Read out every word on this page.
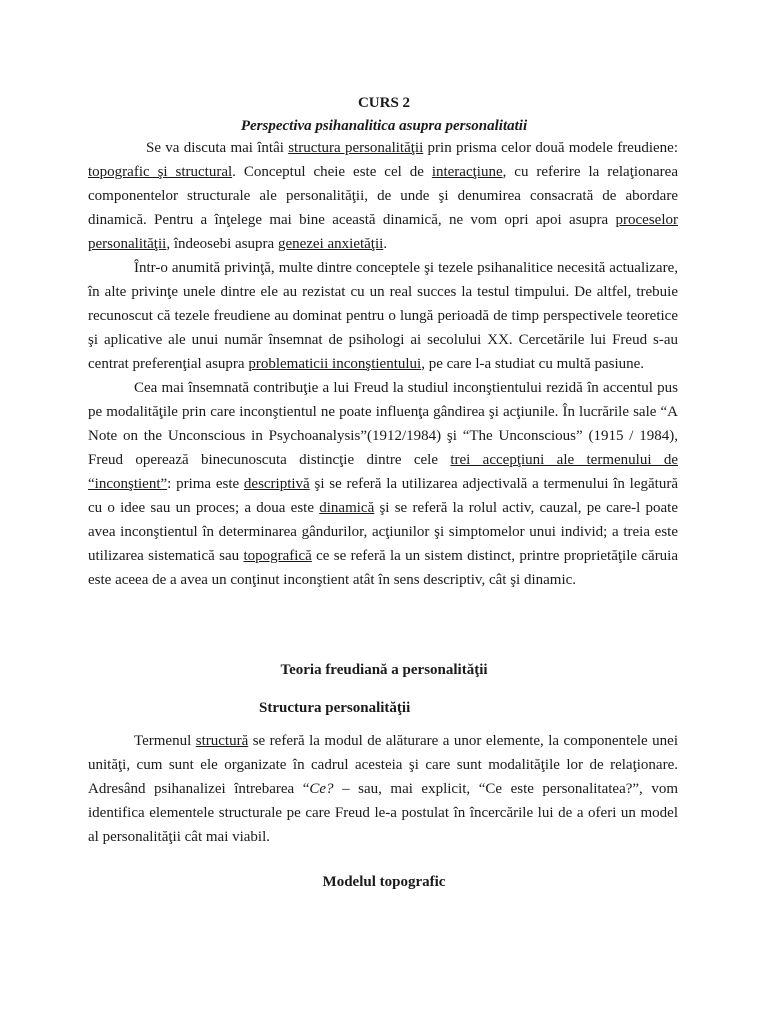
CURS 2
Perspectiva psihanalitica asupra personalitatii

Se va discuta mai întâi structura personalităţii prin prisma celor două modele freudiene: topografic şi structural. Conceptul cheie este cel de interacţiune, cu referire la relaţionarea componentelor structurale ale personalităţii, de unde şi denumirea consacrată de abordare dinamică. Pentru a înţelege mai bine această dinamică, ne vom opri apoi asupra proceselor personalităţii, îndeosebi asupra genezei anxietăţii.

Într-o anumită privinţă, multe dintre conceptele şi tezele psihanalitice necesită actualizare, în alte privinţe unele dintre ele au rezistat cu un real succes la testul timpului. De altfel, trebuie recunoscut că tezele freudiene au dominat pentru o lungă perioadă de timp perspectivele teoretice şi aplicative ale unui număr însemnat de psihologi ai secolului XX. Cercetările lui Freud s-au centrat preferenţial asupra problematicii inconştientului, pe care l-a studiat cu multă pasiune.

Cea mai însemnată contribuţie a lui Freud la studiul inconştientului rezidă în accentul pus pe modalităţile prin care inconştientul ne poate influenţa gândirea şi acţiunile. În lucrările sale “A Note on the Unconscious in Psychoanalysis”(1912/1984) şi “The Unconscious” (1915 / 1984), Freud operează binecunoscuta distincţie dintre cele trei accepţiuni ale termenului de “inconştient”: prima este descriptivă şi se referă la utilizarea adjectivală a termenului în legătură cu o idee sau un proces; a doua este dinamică şi se referă la rolul activ, cauzal, pe care-l poate avea inconştientul în determinarea gândurilor, acţiunilor şi simptomelor unui individ; a treia este utilizarea sistematică sau topografică ce se referă la un sistem distinct, printre proprietăţile căruia este aceea de a avea un conţinut inconştient atât în sens descriptiv, cât şi dinamic.

Teoria freudiană a personalităţii
Structura personalităţii

Termenul structură se referă la modul de alăturare a unor elemente, la componentele unei unităţi, cum sunt ele organizate în cadrul acesteia şi care sunt modalităţile lor de relaţionare. Adresând psihanalizei întrebarea “Ce? – sau, mai explicit, “Ce este personalitatea?”, vom identifica elementele structurale pe care Freud le-a postulat în încercările lui de a oferi un model al personalităţii cât mai viabil.

Modelul topografic
